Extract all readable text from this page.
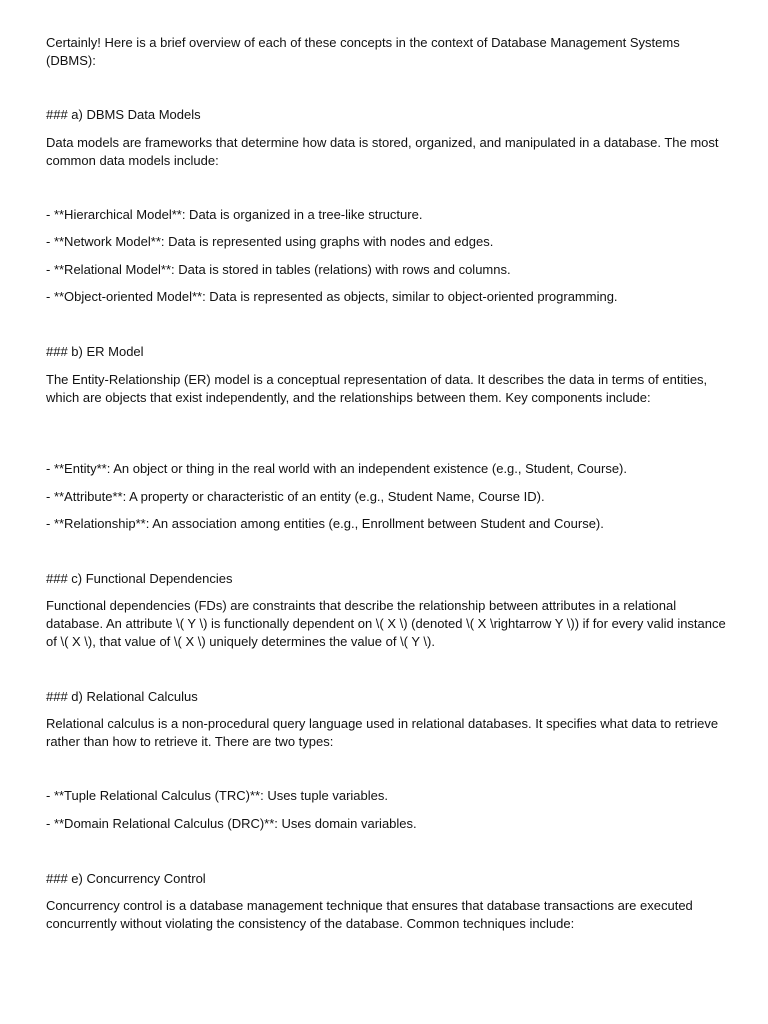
Certainly! Here is a brief overview of each of these concepts in the context of Database Management Systems (DBMS):

### a) DBMS Data Models

Data models are frameworks that determine how data is stored, organized, and manipulated in a database. The most common data models include:

- **Hierarchical Model**: Data is organized in a tree-like structure.

- **Network Model**: Data is represented using graphs with nodes and edges.

- **Relational Model**: Data is stored in tables (relations) with rows and columns.

- **Object-oriented Model**: Data is represented as objects, similar to object-oriented programming.

### b) ER Model

The Entity-Relationship (ER) model is a conceptual representation of data. It describes the data in terms of entities, which are objects that exist independently, and the relationships between them. Key components include:

- **Entity**: An object or thing in the real world with an independent existence (e.g., Student, Course).

- **Attribute**: A property or characteristic of an entity (e.g., Student Name, Course ID).

- **Relationship**: An association among entities (e.g., Enrollment between Student and Course).

### c) Functional Dependencies

Functional dependencies (FDs) are constraints that describe the relationship between attributes in a relational database. An attribute \( Y \) is functionally dependent on \( X \) (denoted \( X \rightarrow Y \)) if for every valid instance of \( X \), that value of \( X \) uniquely determines the value of \( Y \).

### d) Relational Calculus

Relational calculus is a non-procedural query language used in relational databases. It specifies what data to retrieve rather than how to retrieve it. There are two types:

- **Tuple Relational Calculus (TRC)**: Uses tuple variables.

- **Domain Relational Calculus (DRC)**: Uses domain variables.

### e) Concurrency Control

Concurrency control is a database management technique that ensures that database transactions are executed concurrently without violating the consistency of the database. Common techniques include:
